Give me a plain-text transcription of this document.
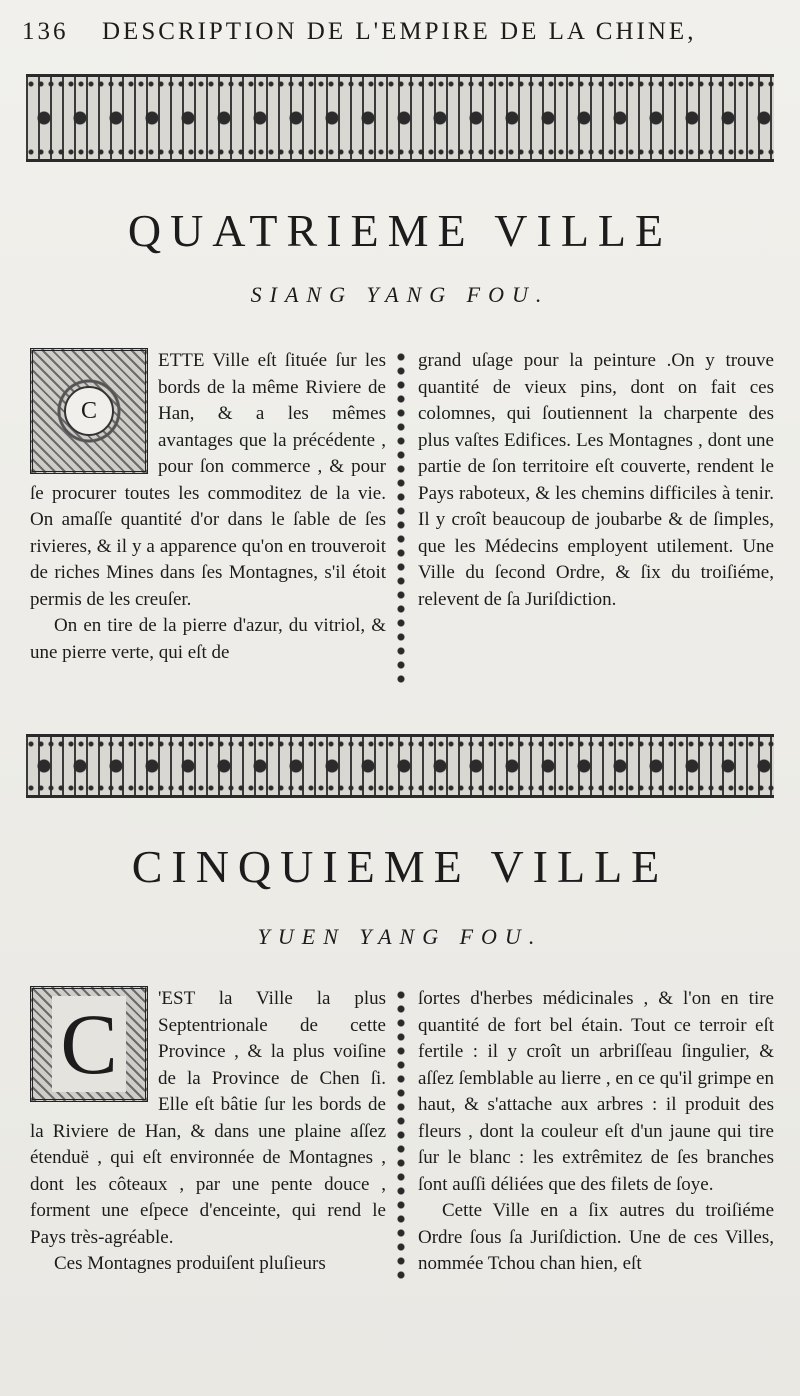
136 DESCRIPTION DE L'EMPIRE DE LA CHINE,
QUATRIEME VILLE
SIANG YANG FOU.
C

ETTE Ville eſt ſituée ſur les bords de la même Riviere de Han, & a les mêmes avantages que la précédente , pour ſon commerce , & pour ſe procurer toutes les commoditez de la vie. On amaſſe quantité d'or dans le ſable de ſes rivieres, & il y a apparence qu'on en trouveroit de riches Mines dans ſes Montagnes, s'il étoit permis de les creuſer.

On en tire de la pierre d'azur, du vitriol, & une pierre verte, qui eſt de

grand uſage pour la peinture .On y trouve quantité de vieux pins, dont on fait ces colomnes, qui ſoutiennent la charpente des plus vaſtes Edifices. Les Montagnes , dont une partie de ſon territoire eſt couverte, rendent le Pays raboteux, & les chemins difficiles à tenir. Il y croît beaucoup de joubarbe & de ſimples, que les Médecins employent utilement. Une Ville du ſecond Ordre, & ſix du troiſiéme, relevent de ſa Juriſdiction.

CINQUIEME VILLE
YUEN YANG FOU.
C	'EST la Ville la plus Septentrionale de cette Province , & la plus voiſine de la Province de Chen ſi. Elle eſt bâtie ſur les bords de la Riviere de Han, & dans une plaine aſſez étenduë , qui eſt environnée de Montagnes , dont les côteaux , par une pente douce , forment une eſpece d'enceinte, qui rend le Pays très-agréable.

Ces Montagnes produiſent pluſieurs

ſortes d'herbes médicinales , & l'on en tire quantité de fort bel étain. Tout ce terroir eſt fertile : il y croît un arbriſſeau ſingulier, & aſſez ſemblable au lierre , en ce qu'il grimpe en haut, & s'attache aux arbres : il produit des fleurs , dont la couleur eſt d'un jaune qui tire ſur le blanc : les extrêmitez de ſes branches ſont auſſi déliées que des filets de ſoye.

Cette Ville en a ſix autres du troiſiéme Ordre ſous ſa Juriſdiction. Une de ces Villes, nommée Tchou chan hien, eſt
